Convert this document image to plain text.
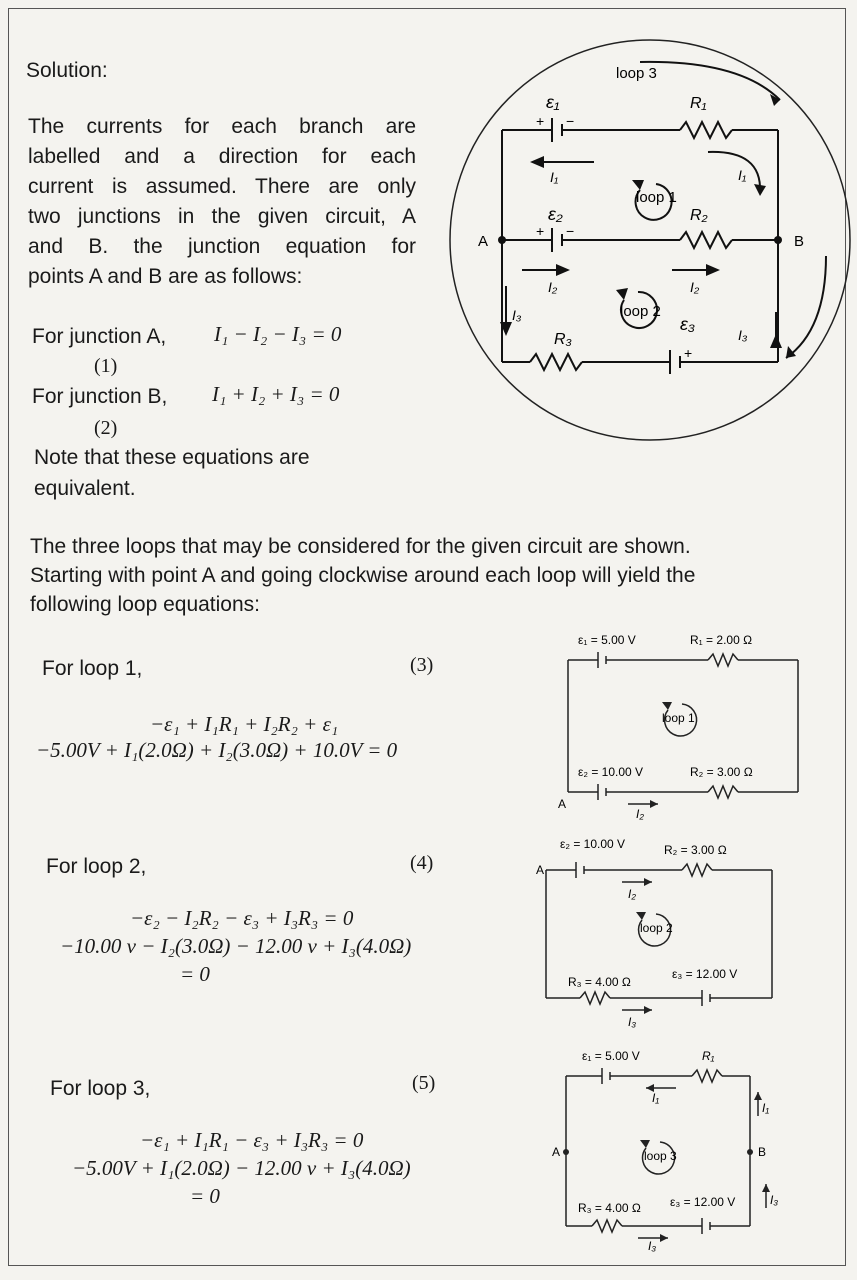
Solution:
The currents for each branch are
labelled and a direction for each
current is assumed. There are only
two junctions in the given circuit, A
and B. the junction equation for
points A and B are as follows:
For junction A, I₁ − I₂ − I₃ = 0
(1)
For junction B, I₁ + I₂ + I₃ = 0
(2)
Note that these equations are
equivalent.
The three loops that may be considered for the given circuit are shown.
Starting with point A and going clockwise around each loop will yield the
following loop equations:
For loop 1,	(3)
−ε₁ + I₁R₁ + I₂R₂ + ε₁
−5.00V + I₁(2.0Ω) + I₂(3.0Ω) + 10.0V = 0
For loop 2,	(4)
−ε₂ − I₂R₂ − ε₃ + I₃R₃ = 0
−10.00 v − I₂(3.0Ω) − 12.00 v + I₃(4.0Ω)
= 0
For loop 3,	(5)
−ε₁ + I₁R₁ − ε₃ + I₃R₃ = 0
−5.00V + I₁(2.0Ω) − 12.00 v + I₃(4.0Ω)
= 0
loop 3
ε₁	R₁
+ −
I₁	I₁
loop 1
ε₂	R₂
+ −
A	B
I₂	I₂
I₃	loop 2
ε₃
I₃
R₃
+
ε₁ = 5.00 V	R₁ = 2.00 Ω
loop 1
ε₂ = 10.00 V	R₂ = 3.00 Ω
A
I₂
ε₂ = 10.00 V	R₂ = 3.00 Ω
A
I₂
loop 2
R₃ = 4.00 Ω
ε₃ = 12.00 V
I₃
ε₁ = 5.00 V	R₁
I₁
I₁
A	B
loop 3
R₃ = 4.00 Ω ε₃ = 12.00 V	I₃
I₃
